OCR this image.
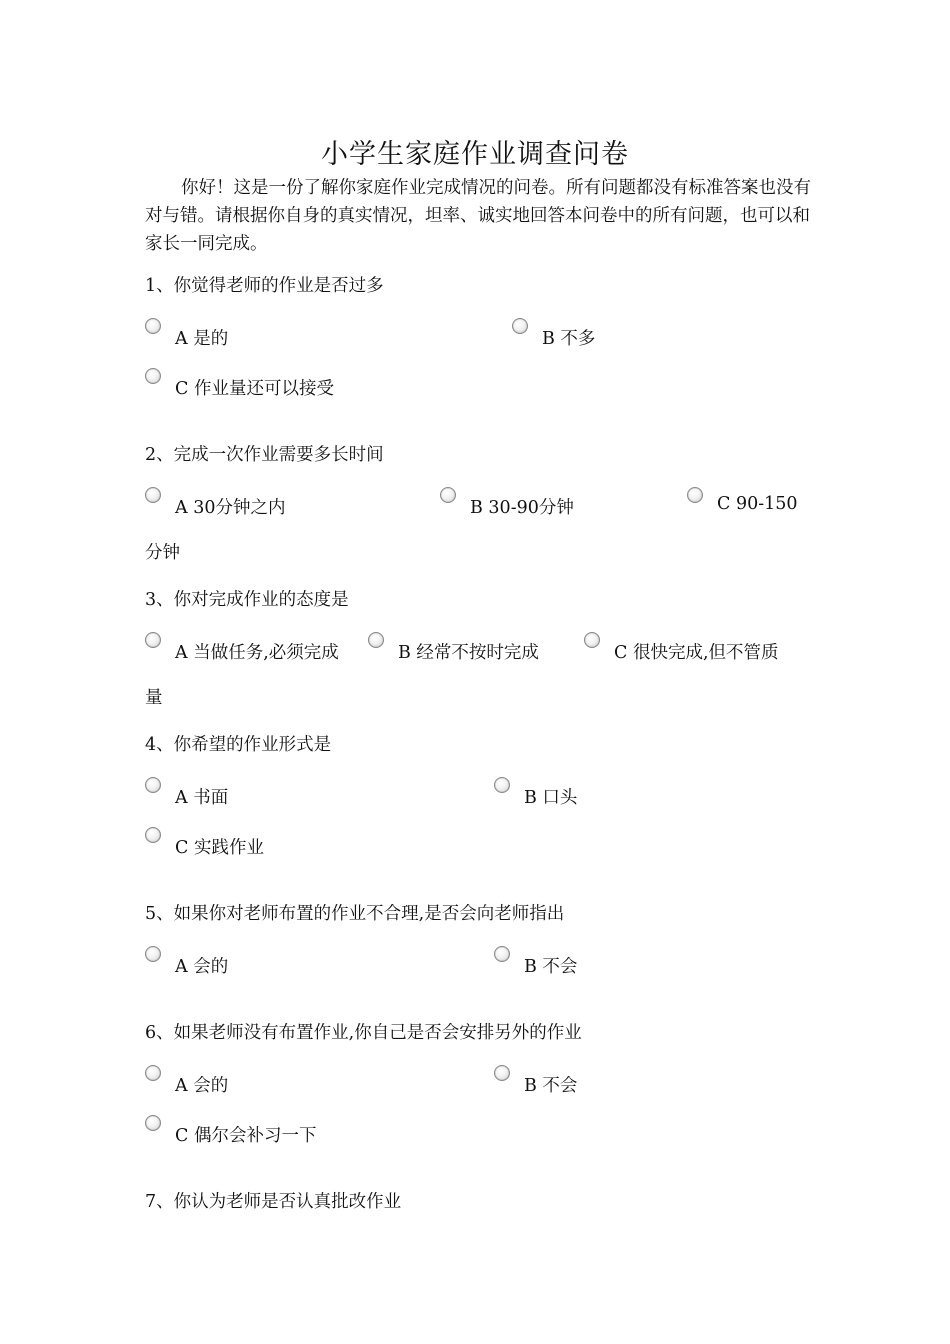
小学生家庭作业调查问卷
你好！这是一份了解你家庭作业完成情况的问卷。所有问题都没有标准答案也没有对与错。请根据你自身的真实情况，坦率、诚实地回答本问卷中的所有问题，也可以和家长一同完成。
1、你觉得老师的作业是否过多
A 是的	B 不多
C 作业量还可以接受
2、完成一次作业需要多长时间
A 30分钟之内	B 30-90分钟	C 90-150
分钟
3、你对完成作业的态度是
A 当做任务,必须完成	B 经常不按时完成	C 很快完成,但不管质
量
4、你希望的作业形式是
A 书面	B 口头
C 实践作业
5、如果你对老师布置的作业不合理,是否会向老师指出
A 会的	B 不会
6、如果老师没有布置作业,你自己是否会安排另外的作业
A 会的	B 不会
C 偶尔会补习一下
7、你认为老师是否认真批改作业
